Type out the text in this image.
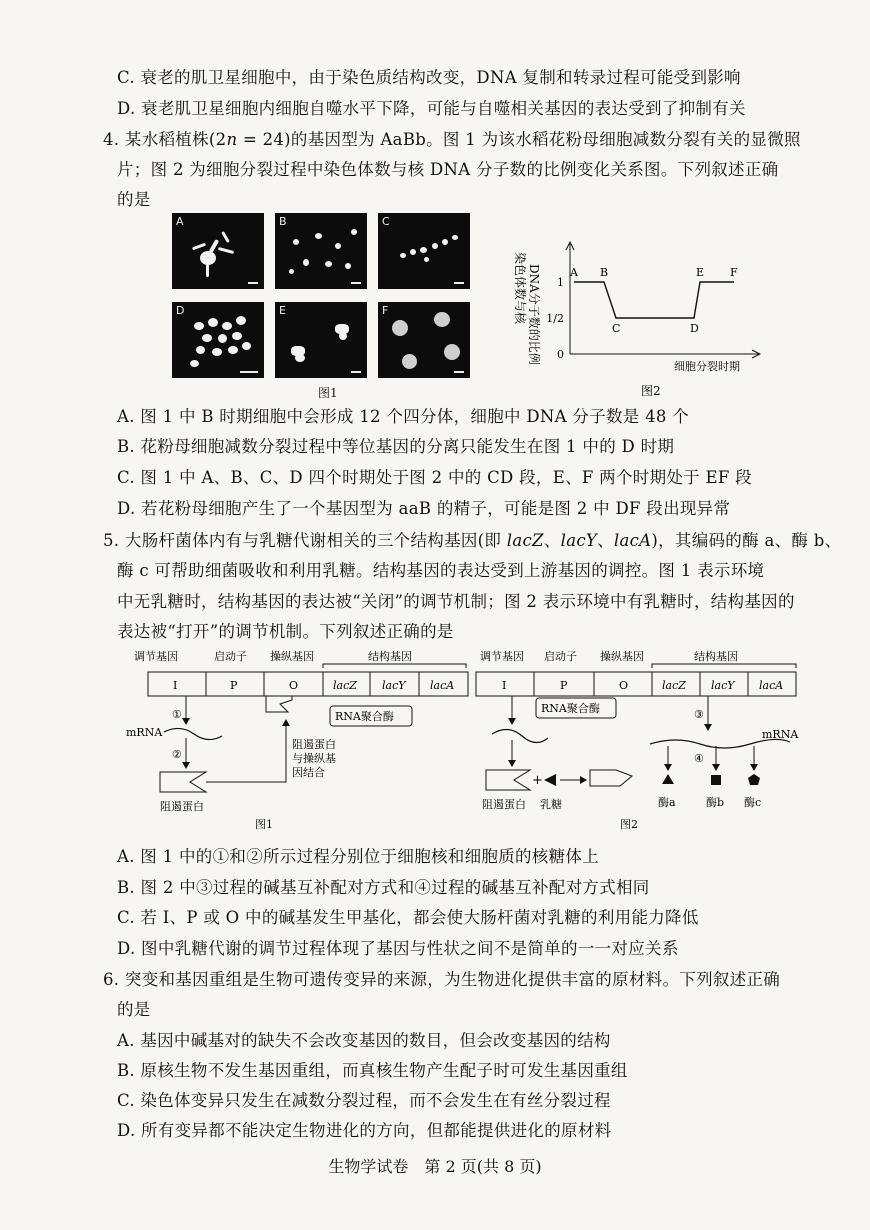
C. 衰老的肌卫星细胞中，由于染色质结构改变，DNA 复制和转录过程可能受到影响
D. 衰老肌卫星细胞内细胞自噬水平下降，可能与自噬相关基因的表达受到了抑制有关
4. 某水稻植株(2n = 24)的基因型为 AaBb。图 1 为该水稻花粉母细胞减数分裂有关的显微照
片；图 2 为细胞分裂过程中染色体数与核 DNA 分子数的比例变化关系图。下列叙述正确
的是
A	B	C
D	E	F
图1
染色体数与核 DNA分子数的比例 1
1/2
0
A B
C	D
E F
细胞分裂时期
图2
A. 图 1 中 B 时期细胞中会形成 12 个四分体，细胞中 DNA 分子数是 48 个
B. 花粉母细胞减数分裂过程中等位基因的分离只能发生在图 1 中的 D 时期
C. 图 1 中 A、B、C、D 四个时期处于图 2 中的 CD 段，E、F 两个时期处于 EF 段
D. 若花粉母细胞产生了一个基因型为 aaB 的精子，可能是图 2 中 DF 段出现异常
5. 大肠杆菌体内有与乳糖代谢相关的三个结构基因(即 lacZ、lacY、lacA)，其编码的酶 a、酶 b、
酶 c 可帮助细菌吸收和利用乳糖。结构基因的表达受到上游基因的调控。图 1 表示环境
中无乳糖时，结构基因的表达被“关闭”的调节机制；图 2 表示环境中有乳糖时，结构基因的
表达被“打开”的调节机制。下列叙述正确的是
调节基因	启动子 操纵基因	结构基因
I	P	O	lacZ lacY lacA
①
mRNA
②
阻遏蛋白
RNA聚合酶
阻遏蛋白
与操纵基
因结合
图1
调节基因 启动子 操纵基因	结构基因
I	P	O	lacZ lacY lacA
RNA聚合酶
+
阻遏蛋白 乳糖
③
mRNA
④
酶a	酶b 酶c
图2
A. 图 1 中的①和②所示过程分别位于细胞核和细胞质的核糖体上
B. 图 2 中③过程的碱基互补配对方式和④过程的碱基互补配对方式相同
C. 若 I、P 或 O 中的碱基发生甲基化，都会使大肠杆菌对乳糖的利用能力降低
D. 图中乳糖代谢的调节过程体现了基因与性状之间不是简单的一一对应关系
6. 突变和基因重组是生物可遗传变异的来源，为生物进化提供丰富的原材料。下列叙述正确
的是
A. 基因中碱基对的缺失不会改变基因的数目，但会改变基因的结构
B. 原核生物不发生基因重组，而真核生物产生配子时可发生基因重组
C. 染色体变异只发生在减数分裂过程，而不会发生在有丝分裂过程
D. 所有变异都不能决定生物进化的方向，但都能提供进化的原材料
生物学试卷　第 2 页(共 8 页)
